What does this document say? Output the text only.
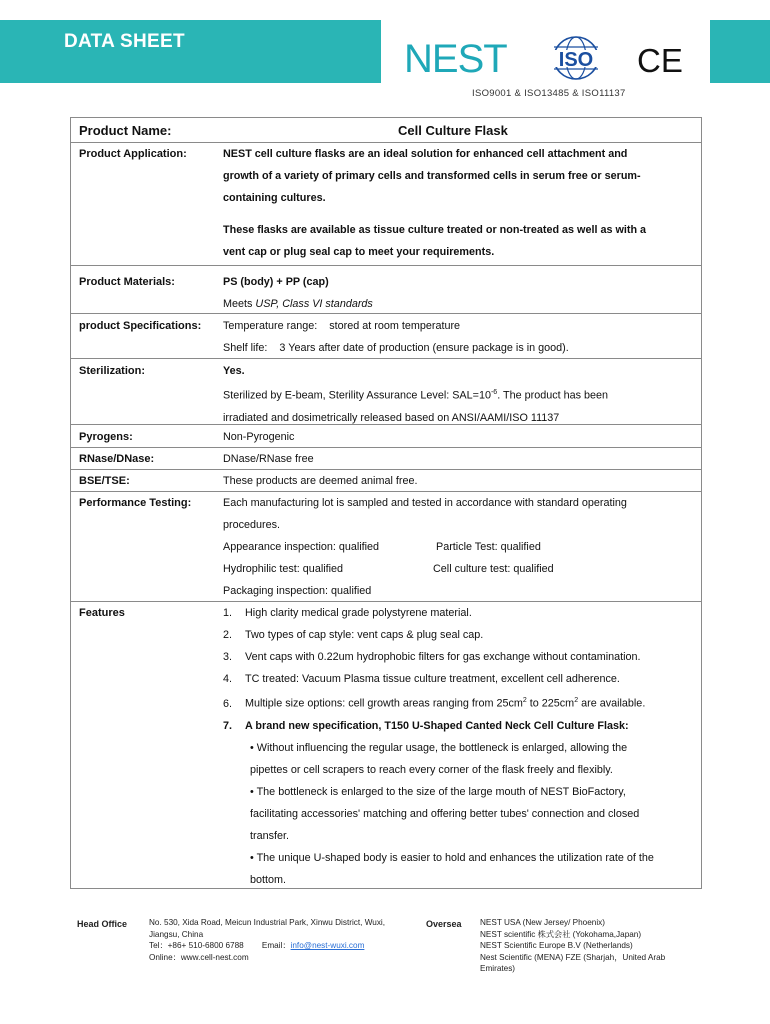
DATA SHEET	NEST	ISO CE
ISO9001 & ISO13485 & ISO11137
Product Name:	Cell Culture Flask
Product Application:	NEST cell culture flasks are an ideal solution for enhanced cell attachment and
growth of a variety of primary cells and transformed cells in serum free or serum-
containing cultures.
These flasks are available as tissue culture treated or non-treated as well as with a
vent cap or plug seal cap to meet your requirements.
Product Materials:	PS (body) + PP (cap)
Meets USP, Class VI standards
product Specifications: Temperature range: stored at room temperature
Shelf life: 3 Years after date of production (ensure package is in good).
Sterilization:	Yes.
Sterilized by E-beam, Sterility Assurance Level: $SAL=10^{-6}$. The product has been
irradiated and dosimetrically released based on ANSI/AAMI/ISO 11137
Pyrogens:	Non-Pyrogenic
RNase/DNase:	DNase/RNase free
BSE/TSE:	These products are deemed animal free.
Performance Testing:	Each manufacturing lot is sampled and tested in accordance with standard operating
procedures.
Appearance inspection: qualified	Particle Test: qualified
Hydrophilic test: qualified	Cell culture test: qualified
Packaging inspection: qualified
Features	1. High clarity medical grade polystyrene material.
2. Two types of cap style: vent caps & plug seal cap.
3. Vent caps with 0.22um hydrophobic filters for gas exchange without contamination.
4. TC treated: Vacuum Plasma tissue culture treatment, excellent cell adherence.
6. Multiple size options: cell growth areas ranging from $25cm^2$ to $225cm^2$ are available.
7. A brand new specification, T150 U-Shaped Canted Neck Cell Culture Flask:
• Without influencing the regular usage, the bottleneck is enlarged, allowing the
pipettes or cell scrapers to reach every corner of the flask freely and flexibly.
• The bottleneck is enlarged to the size of the large mouth of NEST BioFactory,
facilitating accessories' matching and offering better tubes' connection and closed
transfer.
• The unique U-shaped body is easier to hold and enhances the utilization rate of the
bottom.
Head Office	No. 530, Xida Road, Meicun Industrial Park, Xinwu District, Wuxi,
Jiangsu, China
Tel：+86+ 510-6800 6788 Email：info@nest-wuxi.com
Online：www.cell-nest.com
Oversea NEST USA (New Jersey/ Phoenix)
NEST scientific 株式会社 (Yokohama,Japan)
NEST Scientific Europe B.V (Netherlands)
Nest Scientific (MENA) FZE (Sharjah，United Arab
Emirates)
